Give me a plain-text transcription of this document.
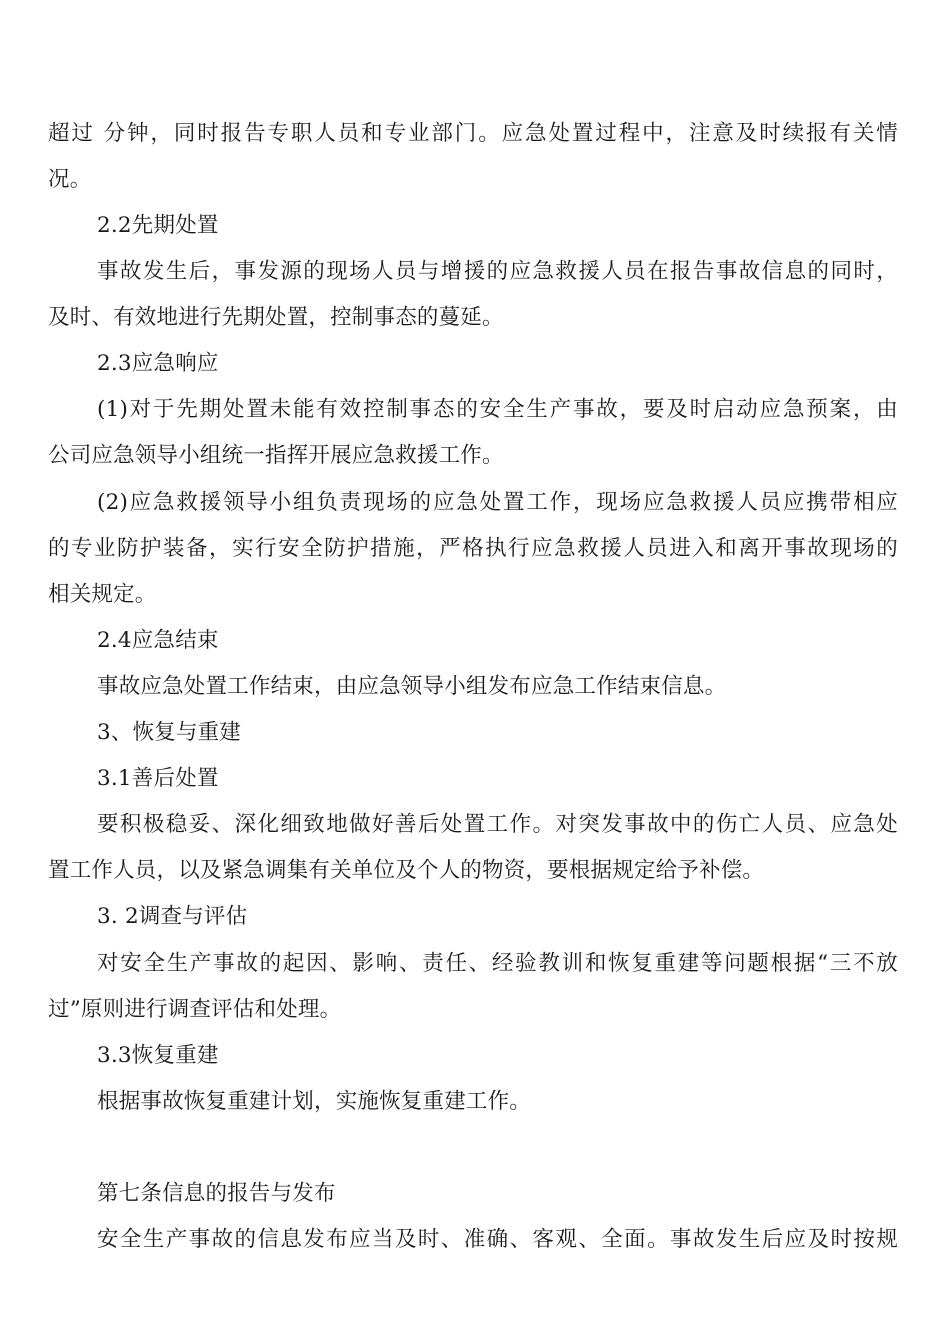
超过 分钟，同时报告专职人员和专业部门。应急处置过程中，注意及时续报有关情
况。
2.2先期处置
事故发生后，事发源的现场人员与增援的应急救援人员在报告事故信息的同时，
及时、有效地进行先期处置，控制事态的蔓延。
2.3应急响应
(1)对于先期处置未能有效控制事态的安全生产事故，要及时启动应急预案，由
公司应急领导小组统一指挥开展应急救援工作。
(2)应急救援领导小组负责现场的应急处置工作，现场应急救援人员应携带相应
的专业防护装备，实行安全防护措施，严格执行应急救援人员进入和离开事故现场的
相关规定。
2.4应急结束
事故应急处置工作结束，由应急领导小组发布应急工作结束信息。
3、恢复与重建
3.1善后处置
要积极稳妥、深化细致地做好善后处置工作。对突发事故中的伤亡人员、应急处
置工作人员，以及紧急调集有关单位及个人的物资，要根据规定给予补偿。
3. 2调查与评估
对安全生产事故的起因、影响、责任、经验教训和恢复重建等问题根据“三不放
过”原则进行调查评估和处理。
3.3恢复重建
根据事故恢复重建计划，实施恢复重建工作。
第七条信息的报告与发布
安全生产事故的信息发布应当及时、准确、客观、全面。事故发生后应及时按规
